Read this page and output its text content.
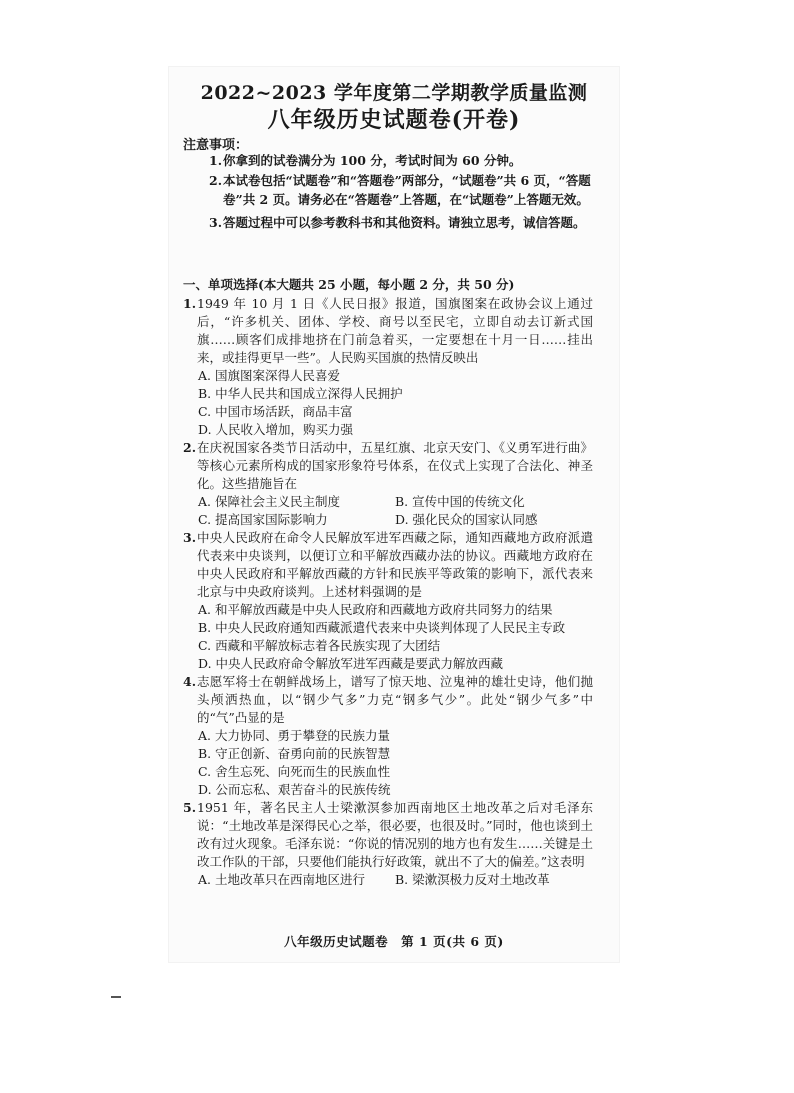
2022~2023 学年度第二学期教学质量监测
八年级历史试题卷(开卷)
注意事项：
1. 你拿到的试卷满分为 100 分，考试时间为 60 分钟。
2. 本试卷包括“试题卷”和“答题卷”两部分，“试题卷”共 6 页，“答题卷”共 2 页。请务必在“答题卷”上答题，在“试题卷”上答题无效。
3. 答题过程中可以参考教科书和其他资料。请独立思考，诚信答题。
一、单项选择(本大题共 25 小题，每小题 2 分，共 50 分)
1. 1949 年 10 月 1 日《人民日报》报道，国旗图案在政协会议上通过后，“许多机关、团体、学校、商号以至民宅，立即自动去订新式国旗……顾客们成排地挤在门前急着买，一定要想在十月一日……挂出来，或挂得更早一些”。人民购买国旗的热情反映出
A. 国旗图案深得人民喜爱
B. 中华人民共和国成立深得人民拥护
C. 中国市场活跃，商品丰富
D. 人民收入增加，购买力强
2. 在庆祝国家各类节日活动中，五星红旗、北京天安门、《义勇军进行曲》等核心元素所构成的国家形象符号体系，在仪式上实现了合法化、神圣化。这些措施旨在
A. 保障社会主义民主制度	B. 宣传中国的传统文化
C. 提高国家国际影响力	D. 强化民众的国家认同感
3. 中央人民政府在命令人民解放军进军西藏之际，通知西藏地方政府派遣代表来中央谈判，以便订立和平解放西藏办法的协议。西藏地方政府在中央人民政府和平解放西藏的方针和民族平等政策的影响下，派代表来北京与中央政府谈判。上述材料强调的是
A. 和平解放西藏是中央人民政府和西藏地方政府共同努力的结果
B. 中央人民政府通知西藏派遣代表来中央谈判体现了人民民主专政
C. 西藏和平解放标志着各民族实现了大团结
D. 中央人民政府命令解放军进军西藏是要武力解放西藏
4. 志愿军将士在朝鲜战场上，谱写了惊天地、泣鬼神的雄壮史诗，他们抛头颅洒热血，以“钢少气多”力克“钢多气少”。此处“钢少气多”中的“气”凸显的是
A. 大力协同、勇于攀登的民族力量
B. 守正创新、奋勇向前的民族智慧
C. 舍生忘死、向死而生的民族血性
D. 公而忘私、艰苦奋斗的民族传统
5. 1951 年，著名民主人士梁漱溟参加西南地区土地改革之后对毛泽东说：“土地改革是深得民心之举，很必要，也很及时。”同时，他也谈到土改有过火现象。毛泽东说：“你说的情况别的地方也有发生……关键是土改工作队的干部，只要他们能执行好政策，就出不了大的偏差。”这表明
A. 土地改革只在西南地区进行	B. 梁漱溟极力反对土地改革
八年级历史试题卷　第 1 页(共 6 页)
